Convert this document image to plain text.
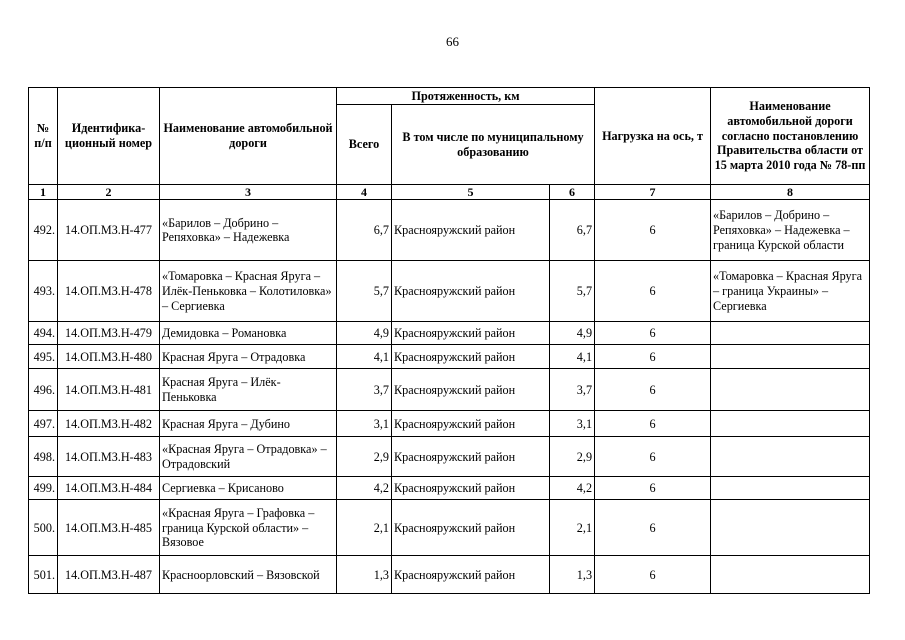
66
№ п/п	Идентифика-ционный номер	Наименование автомобильной дороги	Протяженность, км			Нагрузка на ось, т	Наименование автомобильной дороги согласно постановлению Правительства области от 15 марта 2010 года № 78-пп
			Всего	В том числе по муниципальному образованию			
1	2	3	4	5	6	7	8
492.	14.ОП.МЗ.Н-477	«Барилов – Добрино – Репяховка» – Надежевка	6,7	Краснояружский район	6,7	6	«Барилов – Добрино – Репяховка» – Надежевка – граница Курской области
493.	14.ОП.МЗ.Н-478	«Томаровка – Красная Яруга – Илёк-Пеньковка – Колотиловка» – Сергиевка	5,7	Краснояружский район	5,7	6	«Томаровка – Красная Яруга – граница Украины» – Сергиевка
494.	14.ОП.МЗ.Н-479	Демидовка – Романовка	4,9	Краснояружский район	4,9	6	
495.	14.ОП.МЗ.Н-480	Красная Яруга – Отрадовка	4,1	Краснояружский район	4,1	6	
496.	14.ОП.МЗ.Н-481	Красная Яруга – Илёк-Пеньковка	3,7	Краснояружский район	3,7	6	
497.	14.ОП.МЗ.Н-482	Красная Яруга – Дубино	3,1	Краснояружский район	3,1	6	
498.	14.ОП.МЗ.Н-483	«Красная Яруга – Отрадовка» – Отрадовский	2,9	Краснояружский район	2,9	6	
499.	14.ОП.МЗ.Н-484	Сергиевка – Крисаново	4,2	Краснояружский район	4,2	6	
500.	14.ОП.МЗ.Н-485	«Красная Яруга – Графовка – граница Курской области» – Вязовое	2,1	Краснояружский район	2,1	6	
501.	14.ОП.МЗ.Н-487	Красноорловский – Вязовской	1,3	Краснояружский район	1,3	6	
